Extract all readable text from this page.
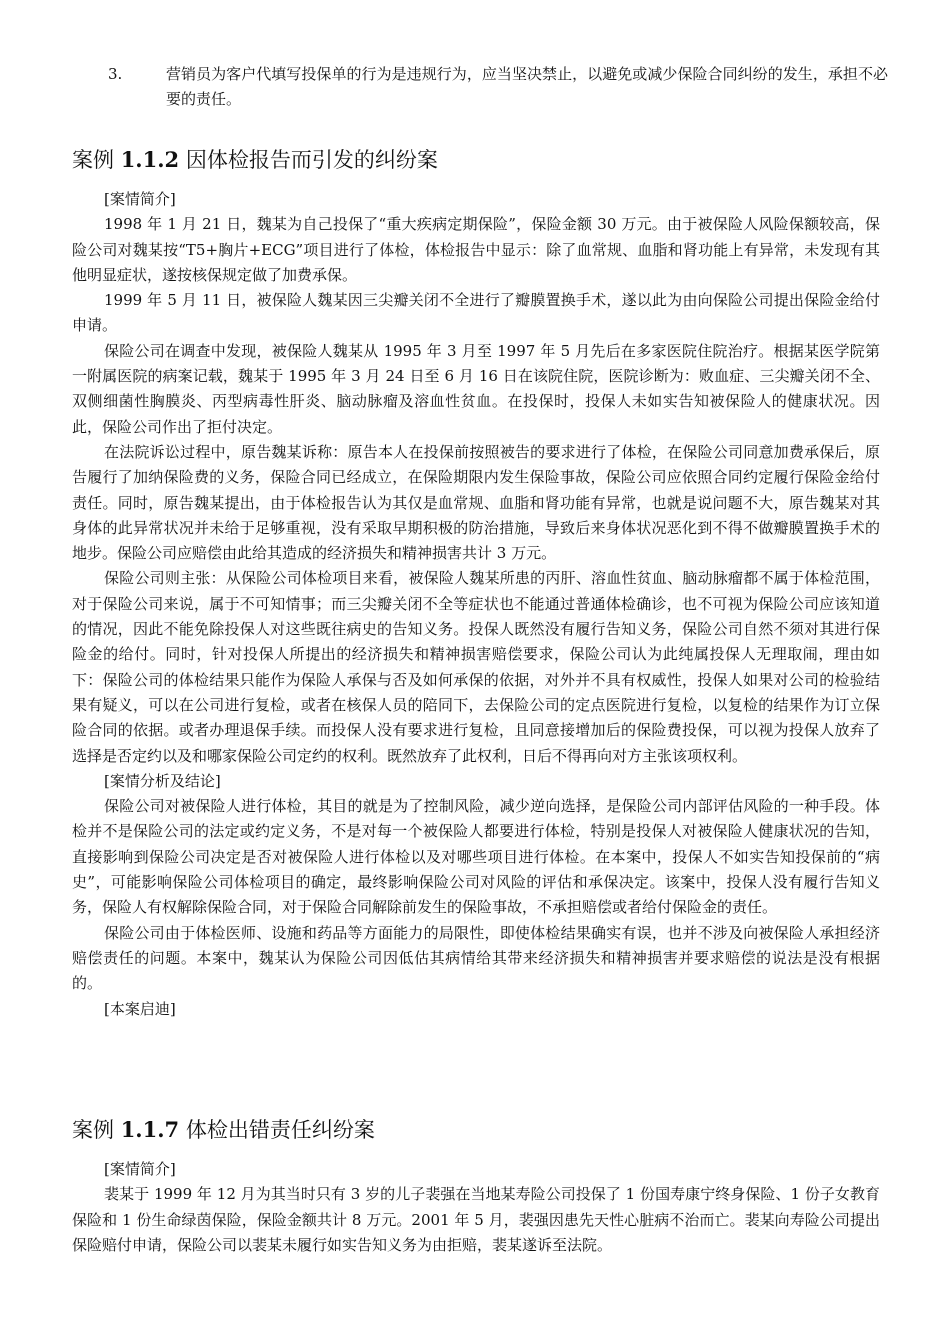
3.	营销员为客户代填写投保单的行为是违规行为，应当坚决禁止，以避免或减少保险合同纠纷的发生，承担不必要的责任。
案例 1.1.2 因体检报告而引发的纠纷案

[案情简介]

1998 年 1 月 21 日，魏某为自己投保了“重大疾病定期保险”，保险金额 30 万元。由于被保险人风险保额较高，保险公司对魏某按“T5+胸片+ECG”项目进行了体检，体检报告中显示：除了血常规、血脂和肾功能上有异常，未发现有其他明显症状，遂按核保规定做了加费承保。

1999 年 5 月 11 日，被保险人魏某因三尖瓣关闭不全进行了瓣膜置换手术，遂以此为由向保险公司提出保险金给付申请。

保险公司在调查中发现，被保险人魏某从 1995 年 3 月至 1997 年 5 月先后在多家医院住院治疗。根据某医学院第一附属医院的病案记载，魏某于 1995 年 3 月 24 日至 6 月 16 日在该院住院，医院诊断为：败血症、三尖瓣关闭不全、双侧细菌性胸膜炎、丙型病毒性肝炎、脑动脉瘤及溶血性贫血。在投保时，投保人未如实告知被保险人的健康状况。因此，保险公司作出了拒付决定。

在法院诉讼过程中，原告魏某诉称：原告本人在投保前按照被告的要求进行了体检，在保险公司同意加费承保后，原告履行了加纳保险费的义务，保险合同已经成立，在保险期限内发生保险事故，保险公司应依照合同约定履行保险金给付责任。同时，原告魏某提出，由于体检报告认为其仅是血常规、血脂和肾功能有异常，也就是说问题不大，原告魏某对其身体的此异常状况并未给于足够重视，没有采取早期积极的防治措施，导致后来身体状况恶化到不得不做瓣膜置换手术的地步。保险公司应赔偿由此给其造成的经济损失和精神损害共计 3 万元。

保险公司则主张：从保险公司体检项目来看，被保险人魏某所患的丙肝、溶血性贫血、脑动脉瘤都不属于体检范围，对于保险公司来说，属于不可知情事；而三尖瓣关闭不全等症状也不能通过普通体检确诊，也不可视为保险公司应该知道的情况，因此不能免除投保人对这些既往病史的告知义务。投保人既然没有履行告知义务，保险公司自然不须对其进行保险金的给付。同时，针对投保人所提出的经济损失和精神损害赔偿要求，保险公司认为此纯属投保人无理取闹，理由如下：保险公司的体检结果只能作为保险人承保与否及如何承保的依据，对外并不具有权威性，投保人如果对公司的检验结果有疑义，可以在公司进行复检，或者在核保人员的陪同下，去保险公司的定点医院进行复检，以复检的结果作为订立保险合同的依据。或者办理退保手续。而投保人没有要求进行复检，且同意接增加后的保险费投保，可以视为投保人放弃了选择是否定约以及和哪家保险公司定约的权利。既然放弃了此权利，日后不得再向对方主张该项权利。

[案情分析及结论]

保险公司对被保险人进行体检，其目的就是为了控制风险，减少逆向选择，是保险公司内部评估风险的一种手段。体检并不是保险公司的法定或约定义务，不是对每一个被保险人都要进行体检，特别是投保人对被保险人健康状况的告知，直接影响到保险公司决定是否对被保险人进行体检以及对哪些项目进行体检。在本案中，投保人不如实告知投保前的“病史”，可能影响保险公司体检项目的确定，最终影响保险公司对风险的评估和承保决定。该案中，投保人没有履行告知义务，保险人有权解除保险合同，对于保险合同解除前发生的保险事故，不承担赔偿或者给付保险金的责任。

保险公司由于体检医师、设施和药品等方面能力的局限性，即使体检结果确实有误，也并不涉及向被保险人承担经济赔偿责任的问题。本案中，魏某认为保险公司因低估其病情给其带来经济损失和精神损害并要求赔偿的说法是没有根据的。

[本案启迪]

案例 1.1.7 体检出错责任纠纷案

[案情简介]

裴某于 1999 年 12 月为其当时只有 3 岁的儿子裴强在当地某寿险公司投保了 1 份国寿康宁终身保险、1 份子女教育保险和 1 份生命绿茵保险，保险金额共计 8 万元。2001 年 5 月，裴强因患先天性心脏病不治而亡。裴某向寿险公司提出保险赔付申请，保险公司以裴某未履行如实告知义务为由拒赔，裴某遂诉至法院。
